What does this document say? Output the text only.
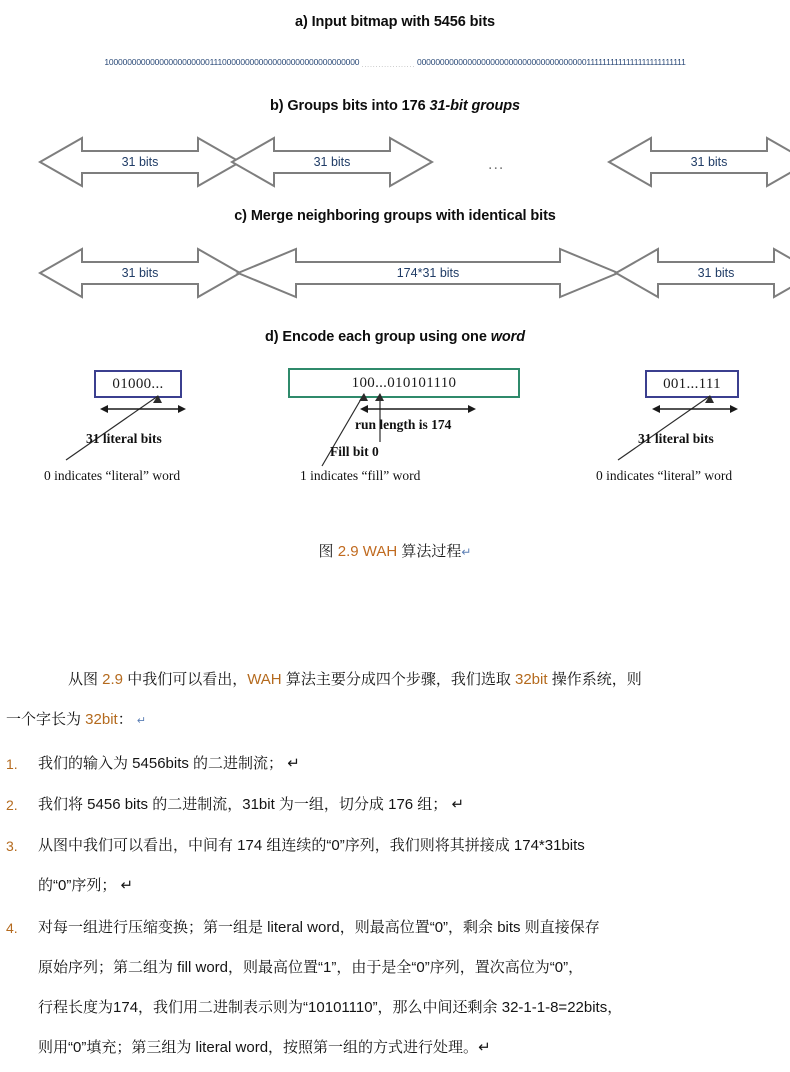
a) Input bitmap with 5456 bits
10000000000000000000000111000000000000000000000000000000 ................... 00000000000000000000000000000000000001111111111111111111111111
b) Groups bits into 176 31-bit groups
31 bits	31 bits	...	31 bits
c) Merge neighboring groups with identical bits
31 bits	174*31 bits	31 bits
d) Encode each group using one word
01000...
31 literal bits
0 indicates “literal” word
100...010101110
run length is 174
Fill bit 0
1 indicates “fill” word
001...111
31 literal bits
0 indicates “literal” word
图 2.9 WAH 算法过程↵
从图 2.9 中我们可以看出，WAH 算法主要分成四个步骤，我们选取 32bit 操作系统，则
一个字长为 32bit： ↵
1.	我们的输入为 5456bits 的二进制流； ↵
2.	我们将 5456 bits 的二进制流，31bit 为一组，切分成 176 组； ↵
3.	从图中我们可以看出，中间有 174 组连续的“0”序列，我们则将其拼接成 174*31bits
的“0”序列； ↵
4.	对每一组进行压缩变换；第一组是 literal word，则最高位置“0”，剩余 bits 则直接保存
原始序列；第二组为 fill word，则最高位置“1”，由于是全“0”序列，置次高位为“0”，
行程长度为174，我们用二进制表示则为“10101110”，那么中间还剩余 32-1-1-8=22bits，
则用“0”填充；第三组为 literal word，按照第一组的方式进行处理。↵
